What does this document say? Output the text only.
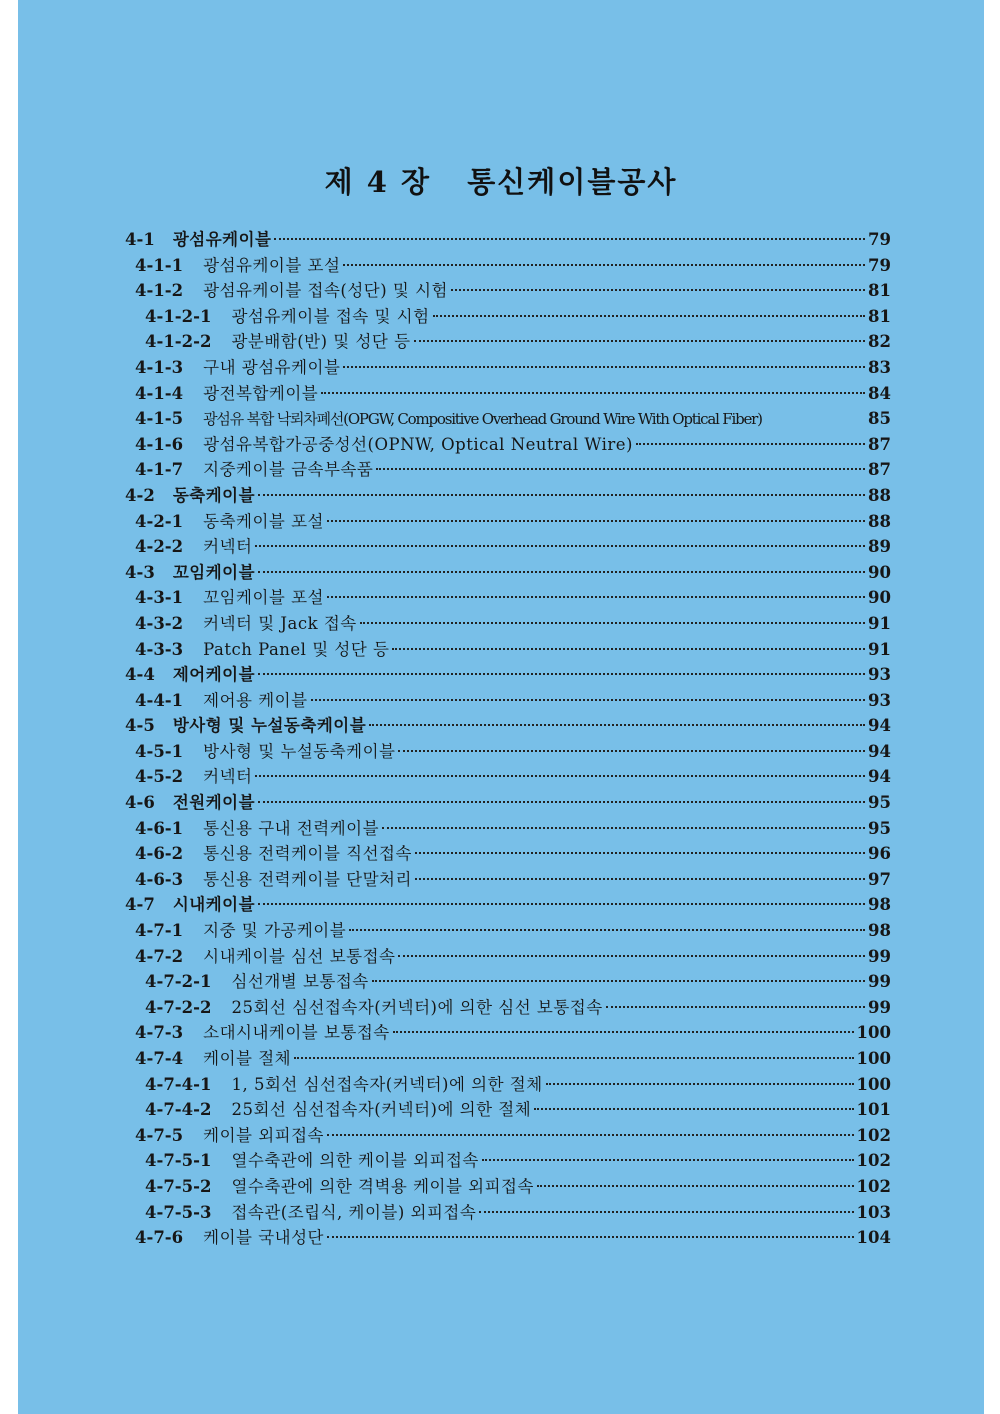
제 4 장   통신케이블공사
4-1 광섬유케이블	79
4-1-1 광섬유케이블 포설	79
4-1-2 광섬유케이블 접속(성단) 및 시험	81
4-1-2-1 광섬유케이블 접속 및 시험	81
4-1-2-2 광분배함(반) 및 성단 등	82
4-1-3 구내 광섬유케이블	83
4-1-4 광전복합케이블	84
4-1-5 광섬유 복합 낙뢰차폐선(OPGW, Compositive Overhead Ground Wire With Optical Fiber)	85
4-1-6 광섬유복합가공중성선(OPNW, Optical Neutral Wire)	87
4-1-7 지중케이블 금속부속품	87
4-2 동축케이블	88
4-2-1 동축케이블 포설	88
4-2-2 커넥터	89
4-3 꼬임케이블	90
4-3-1 꼬임케이블 포설	90
4-3-2 커넥터 및 Jack 접속	91
4-3-3 Patch Panel 및 성단 등	91
4-4 제어케이블	93
4-4-1 제어용 케이블	93
4-5 방사형 및 누설동축케이블	94
4-5-1 방사형 및 누설동축케이블	94
4-5-2 커넥터	94
4-6 전원케이블	95
4-6-1 통신용 구내 전력케이블	95
4-6-2 통신용 전력케이블 직선접속	96
4-6-3 통신용 전력케이블 단말처리	97
4-7 시내케이블	98
4-7-1 지중 및 가공케이블	98
4-7-2 시내케이블 심선 보통접속	99
4-7-2-1 심선개별 보통접속	99
4-7-2-2 25회선 심선접속자(커넥터)에 의한 심선 보통접속	99
4-7-3 소대시내케이블 보통접속	100
4-7-4 케이블 절체	100
4-7-4-1 1, 5회선 심선접속자(커넥터)에 의한 절체	100
4-7-4-2 25회선 심선접속자(커넥터)에 의한 절체	101
4-7-5 케이블 외피접속	102
4-7-5-1 열수축관에 의한 케이블 외피접속	102
4-7-5-2 열수축관에 의한 격벽용 케이블 외피접속	102
4-7-5-3 접속관(조립식, 케이블) 외피접속	103
4-7-6 케이블 국내성단	104
